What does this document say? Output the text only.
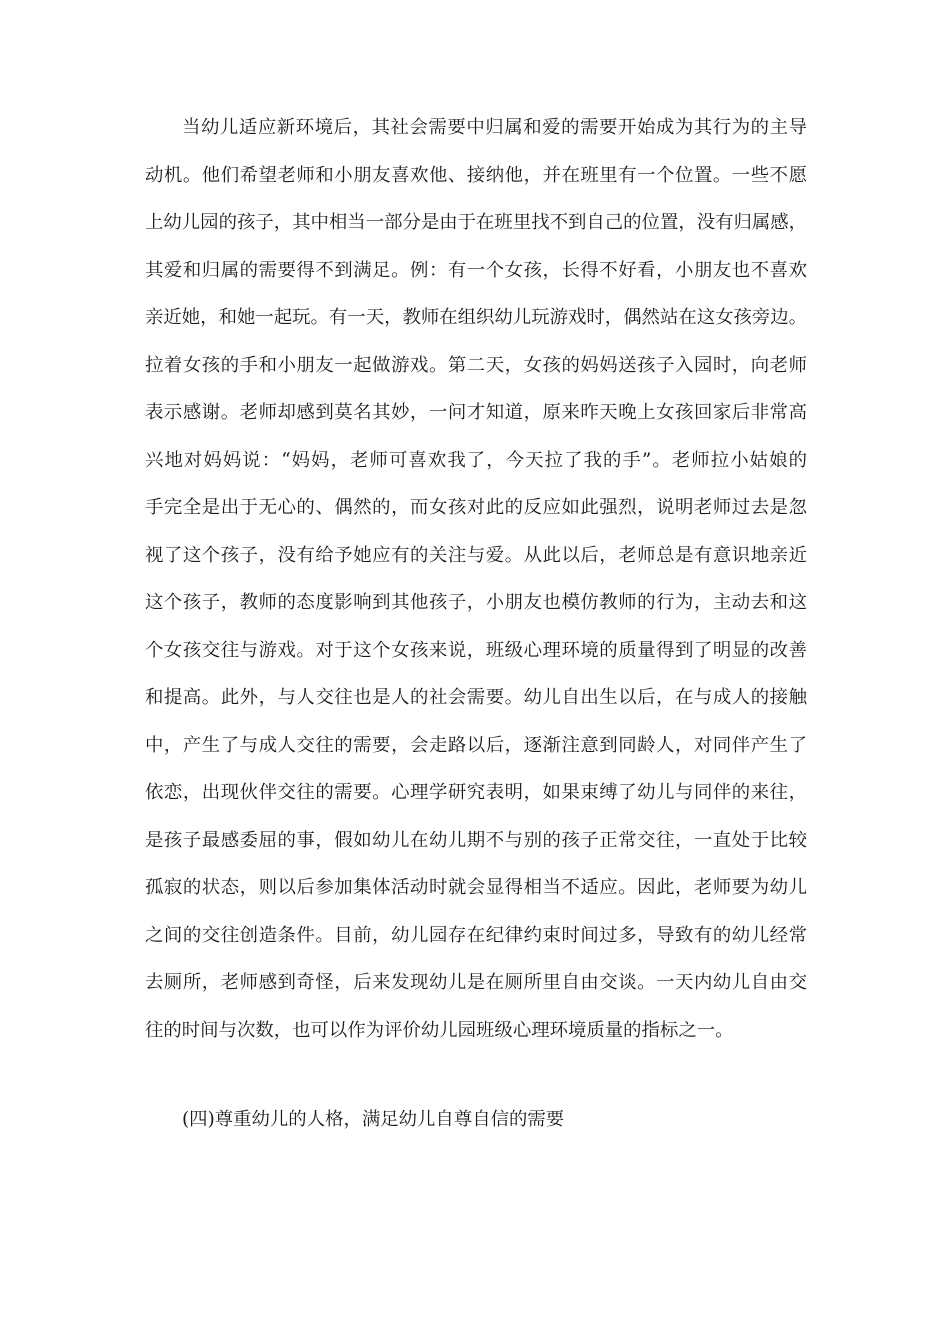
当幼儿适应新环境后，其社会需要中归属和爱的需要开始成为其行为的主导
动机。他们希望老师和小朋友喜欢他、接纳他，并在班里有一个位置。一些不愿
上幼儿园的孩子，其中相当一部分是由于在班里找不到自己的位置，没有归属感，
其爱和归属的需要得不到满足。例：有一个女孩，长得不好看，小朋友也不喜欢
亲近她，和她一起玩。有一天，教师在组织幼儿玩游戏时，偶然站在这女孩旁边。
拉着女孩的手和小朋友一起做游戏。第二天，女孩的妈妈送孩子入园时，向老师
表示感谢。老师却感到莫名其妙，一问才知道，原来昨天晚上女孩回家后非常高
兴地对妈妈说：“妈妈，老师可喜欢我了，今天拉了我的手”。老师拉小姑娘的
手完全是出于无心的、偶然的，而女孩对此的反应如此强烈，说明老师过去是忽
视了这个孩子，没有给予她应有的关注与爱。从此以后，老师总是有意识地亲近
这个孩子，教师的态度影响到其他孩子，小朋友也模仿教师的行为，主动去和这
个女孩交往与游戏。对于这个女孩来说，班级心理环境的质量得到了明显的改善
和提高。此外，与人交往也是人的社会需要。幼儿自出生以后，在与成人的接触
中，产生了与成人交往的需要，会走路以后，逐渐注意到同龄人，对同伴产生了
依恋，出现伙伴交往的需要。心理学研究表明，如果束缚了幼儿与同伴的来往，
是孩子最感委屈的事，假如幼儿在幼儿期不与别的孩子正常交往，一直处于比较
孤寂的状态，则以后参加集体活动时就会显得相当不适应。因此，老师要为幼儿
之间的交往创造条件。目前，幼儿园存在纪律约束时间过多，导致有的幼儿经常
去厕所，老师感到奇怪，后来发现幼儿是在厕所里自由交谈。一天内幼儿自由交
往的时间与次数，也可以作为评价幼儿园班级心理环境质量的指标之一。
(四)尊重幼儿的人格，满足幼儿自尊自信的需要
